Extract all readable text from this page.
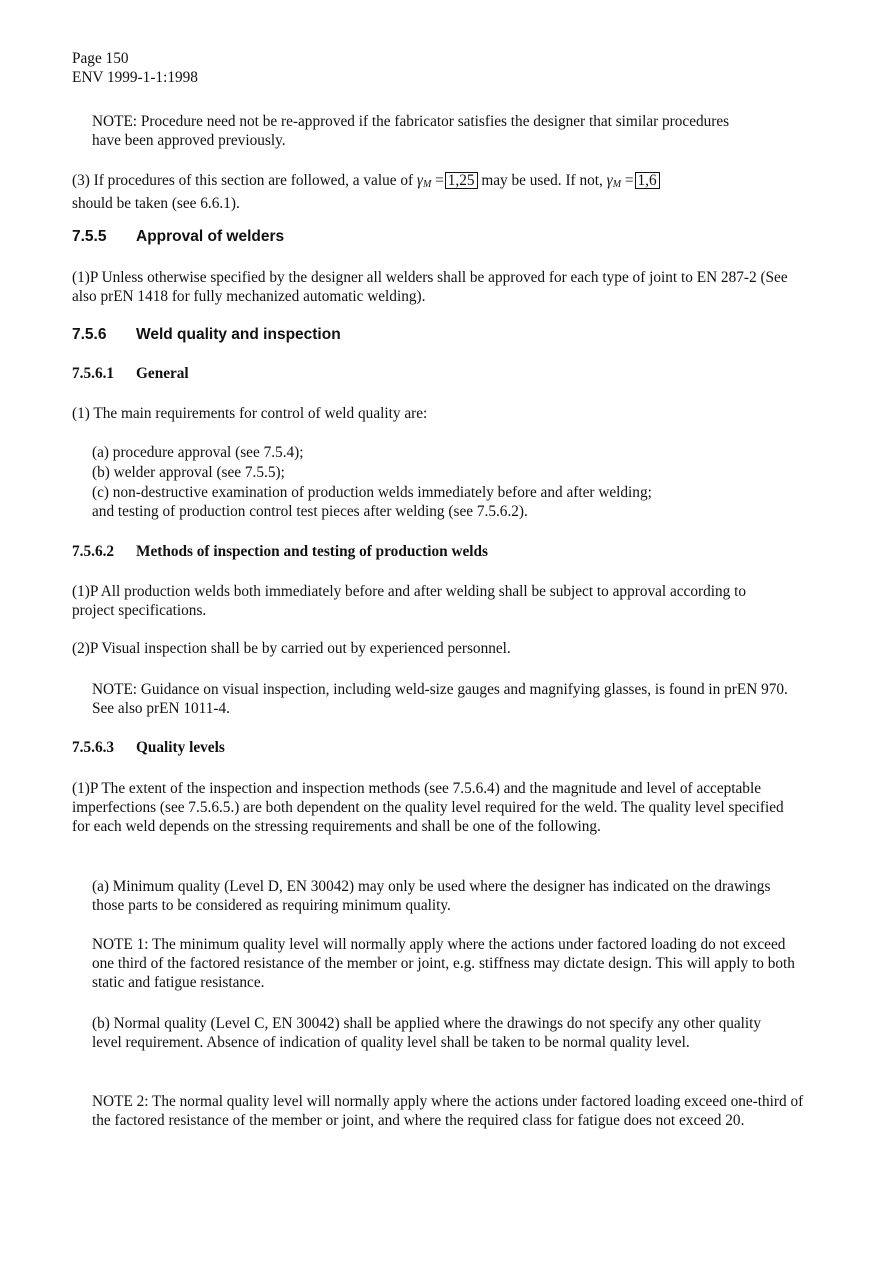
Page 150

ENV 1999-1-1:1998

NOTE: Procedure need not be re-approved if the fabricator satisfies the designer that similar procedures have been approved previously.

(3) If procedures of this section are followed, a value of $\gamma_M = 1,25$ may be used. If not, $\gamma_M = 1,6$
should be taken (see 6.6.1).

7.5.5 Approval of welders

(1)P Unless otherwise specified by the designer all welders shall be approved for each type of joint to EN 287-2 (See also prEN 1418 for fully mechanized automatic welding).

7.5.6 Weld quality and inspection

7.5.6.1 General

(1) The main requirements for control of weld quality are:

(a) procedure approval (see 7.5.4);

(b) welder approval (see 7.5.5);

(c) non-destructive examination of production welds immediately before and after welding;

and testing of production control test pieces after welding (see 7.5.6.2).

7.5.6.2 Methods of inspection and testing of production welds

(1)P All production welds both immediately before and after welding shall be subject to approval according to project specifications.

(2)P Visual inspection shall be by carried out by experienced personnel.

NOTE: Guidance on visual inspection, including weld-size gauges and magnifying glasses, is found in prEN 970. See also prEN 1011-4.

7.5.6.3 Quality levels

(1)P The extent of the inspection and inspection methods (see 7.5.6.4) and the magnitude and level of acceptable imperfections (see 7.5.6.5.) are both dependent on the quality level required for the weld. The quality level specified for each weld depends on the stressing requirements and shall be one of the following.

(a) Minimum quality (Level D, EN 30042) may only be used where the designer has indicated on the drawings those parts to be considered as requiring minimum quality.

NOTE 1: The minimum quality level will normally apply where the actions under factored loading do not exceed one third of the factored resistance of the member or joint, e.g. stiffness may dictate design. This will apply to both static and fatigue resistance.

(b) Normal quality (Level C, EN 30042) shall be applied where the drawings do not specify any other quality level requirement. Absence of indication of quality level shall be taken to be normal quality level.

NOTE 2: The normal quality level will normally apply where the actions under factored loading exceed one-third of the factored resistance of the member or joint, and where the required class for fatigue does not exceed 20.
